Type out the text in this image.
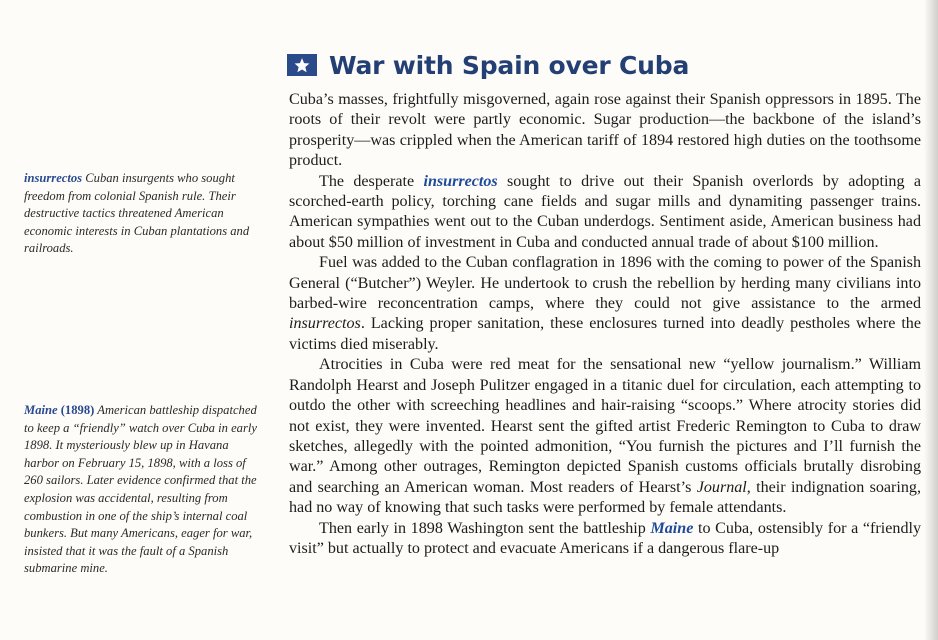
War with Spain over Cuba
insurrectos Cuban insurgents who sought freedom from colonial Spanish rule. Their destructive tactics threatened American economic interests in Cuban plantations and railroads.
Maine (1898) American battleship dispatched to keep a “friendly” watch over Cuba in early 1898. It mysteriously blew up in Havana harbor on February 15, 1898, with a loss of 260 sailors. Later evidence confirmed that the explosion was accidental, resulting from combustion in one of the ship’s internal coal bunkers. But many Americans, eager for war, insisted that it was the fault of a Spanish submarine mine.

Cuba’s masses, frightfully misgoverned, again rose against their Spanish oppressors in 1895. The roots of their revolt were partly economic. Sugar production—the backbone of the island’s prosperity—was crippled when the American tariff of 1894 restored high duties on the toothsome product.

The desperate insurrectos sought to drive out their Spanish overlords by adopting a scorched-earth policy, torching cane fields and sugar mills and dynamiting passenger trains. American sympathies went out to the Cuban underdogs. Sentiment aside, American business had about $50 million of investment in Cuba and conducted annual trade of about $100 million.

Fuel was added to the Cuban conflagration in 1896 with the coming to power of the Spanish General (“Butcher”) Weyler. He undertook to crush the rebellion by herding many civilians into barbed-wire reconcentration camps, where they could not give assistance to the armed insurrectos. Lacking proper sanitation, these enclosures turned into deadly pestholes where the victims died miserably.

Atrocities in Cuba were red meat for the sensational new “yellow journalism.” William Randolph Hearst and Joseph Pulitzer engaged in a titanic duel for circulation, each attempting to outdo the other with screeching headlines and hair-raising “scoops.” Where atrocity stories did not exist, they were invented. Hearst sent the gifted artist Frederic Remington to Cuba to draw sketches, allegedly with the pointed admonition, “You furnish the pictures and I’ll furnish the war.” Among other outrages, Remington depicted Spanish customs officials brutally disrobing and searching an American woman. Most readers of Hearst’s Journal, their indignation soaring, had no way of knowing that such tasks were performed by female attendants.

Then early in 1898 Washington sent the battleship Maine to Cuba, ostensibly for a “friendly visit” but actually to protect and evacuate Americans if a dangerous flare-up
